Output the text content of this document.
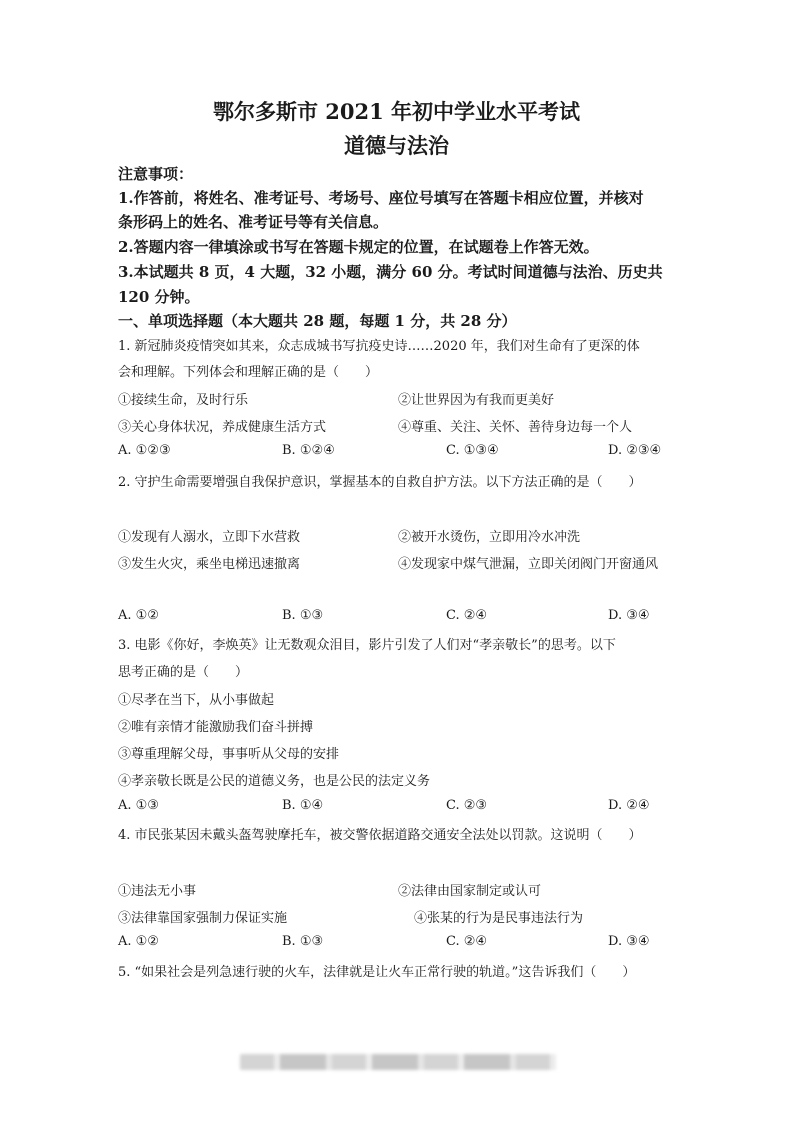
鄂尔多斯市 2021 年初中学业水平考试
道德与法治
注意事项：
1.作答前，将姓名、准考证号、考场号、座位号填写在答题卡相应位置，并核对
条形码上的姓名、准考证号等有关信息。
2.答题内容一律填涂或书写在答题卡规定的位置，在试题卷上作答无效。
3.本试题共 8 页，4 大题，32 小题，满分 60 分。考试时间道德与法治、历史共
120 分钟。
一、单项选择题（本大题共 28 题，每题 1 分，共 28 分）
1. 新冠肺炎疫情突如其来，众志成城书写抗疫史诗……2020 年，我们对生命有了更深的体
会和理解。下列体会和理解正确的是（　　）
①接续生命，及时行乐	②让世界因为有我而更美好
③关心身体状况，养成健康生活方式	④尊重、关注、关怀、善待身边每一个人
A. ①②③	B. ①②④	C. ①③④	D. ②③④
2. 守护生命需要增强自我保护意识，掌握基本的自救自护方法。以下方法正确的是（　　）
①发现有人溺水，立即下水营救	②被开水烫伤，立即用冷水冲洗
③发生火灾，乘坐电梯迅速撤离	④发现家中煤气泄漏，立即关闭阀门开窗通风
A. ①②	B. ①③	C. ②④	D. ③④
3. 电影《你好，李焕英》让无数观众泪目，影片引发了人们对“孝亲敬长”的思考。以下
思考正确的是（　　）
①尽孝在当下，从小事做起
②唯有亲情才能激励我们奋斗拼搏
③尊重理解父母，事事听从父母的安排
④孝亲敬长既是公民的道德义务，也是公民的法定义务
A. ①③	B. ①④	C. ②③	D. ②④
4. 市民张某因未戴头盔驾驶摩托车，被交警依据道路交通安全法处以罚款。这说明（　　）
①违法无小事	②法律由国家制定或认可
③法律靠国家强制力保证实施	④张某的行为是民事违法行为
A. ①②	B. ①③	C. ②④	D. ③④
5. “如果社会是列急速行驶的火车，法律就是让火车正常行驶的轨道。”这告诉我们（　　）
